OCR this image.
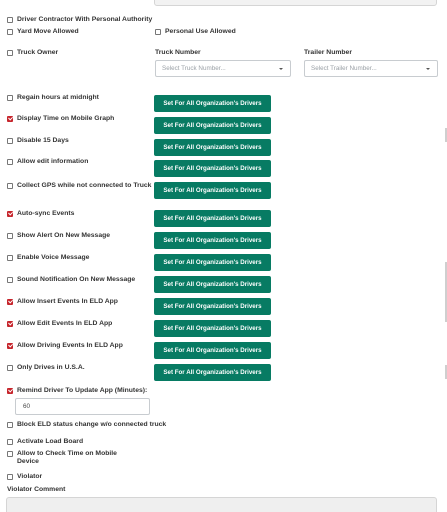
Driver Contractor With Personal Authority
Yard Move Allowed	Personal Use Allowed
Truck Owner	Truck Number
Select Truck Number...
Trailer Number
Select Trailer Number...
Regain hours at midnight
Set For All Organization's Drivers
Display Time on Mobile Graph
Set For All Organization's Drivers
Disable 15 Days
Set For All Organization's Drivers
Allow edit information
Set For All Organization's Drivers
Collect GPS while not connected to Truck
Set For All Organization's Drivers
Auto-sync Events
Set For All Organization's Drivers
Show Alert On New Message
Set For All Organization's Drivers
Enable Voice Message
Set For All Organization's Drivers
Sound Notification On New Message
Set For All Organization's Drivers
Allow Insert Events In ELD App
Set For All Organization's Drivers
Allow Edit Events In ELD App
Set For All Organization's Drivers
Allow Driving Events In ELD App
Set For All Organization's Drivers
Only Drives in U.S.A.
Set For All Organization's Drivers
Remind Driver To Update App (Minutes):
60
Block ELD status change w/o connected truck
Activate Load Board
Allow to Check Time on Mobile Device
Violator
Violator Comment
